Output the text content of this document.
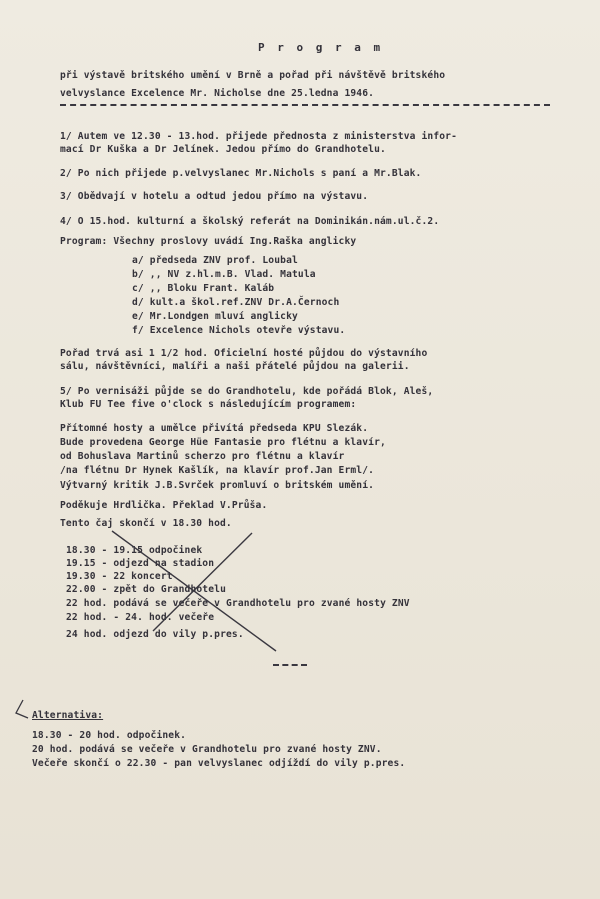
P r o g r a m
při výstavě britského umění v Brně a pořad při návštěvě britského
velvyslance Excelence Mr. Nicholse dne 25.ledna 1946.
1/ Autem ve 12.30 - 13.hod. přijede přednosta z ministerstva infor-
mací Dr Kuška a Dr Jelínek. Jedou přímo do Grandhotelu.
2/ Po nich přijede p.velvyslanec Mr.Nichols s paní a Mr.Blak.
3/ Obědvají v hotelu a odtud jedou přímo na výstavu.
4/ O 15.hod. kulturní a školský referát na Dominikán.nám.ul.č.2.
Program: Všechny proslovy uvádí Ing.Raška anglicky
a/ předseda ZNV prof. Loubal
b/ ,, NV z.hl.m.B. Vlad. Matula
c/ ,, Bloku Frant. Kaláb
d/ kult.a škol.ref.ZNV Dr.A.Černoch
e/ Mr.Londgen mluví anglicky
f/ Excelence Nichols otevře výstavu.
Pořad trvá asi 1 1/2 hod. Oficielní hosté půjdou do výstavního
sálu, návštěvníci, malíři a naši přátelé půjdou na galerii.
5/ Po vernisáži půjde se do Grandhotelu, kde pořádá Blok, Aleš,
Klub FU Tee five o'clock s následujícím programem:
Přítomné hosty a umělce přivítá předseda KPU Slezák.
Bude provedena George Hüe Fantasie pro flétnu a klavír,
od Bohuslava Martinů scherzo pro flétnu a klavír
/na flétnu Dr Hynek Kašlík, na klavír prof.Jan Erml/.
Výtvarný kritik J.B.Svrček promluví o britském umění.
Poděkuje Hrdlička. Překlad V.Průša.
Tento čaj skončí v 18.30 hod.
18.30 - 19.15 odpočinek
19.15 - odjezd na stadion
19.30 - 22 koncert
22.00 - zpět do Grandhotelu
22 hod. podává se večeře v Grandhotelu pro zvané hosty ZNV
22 hod. - 24. hod. večeře
24 hod. odjezd do vily p.pres.
Alternativa:
18.30 - 20 hod. odpočinek.
20 hod. podává se večeře v Grandhotelu pro zvané hosty ZNV.
Večeře skončí o 22.30 - pan velvyslanec odjíždí do vily p.pres.
